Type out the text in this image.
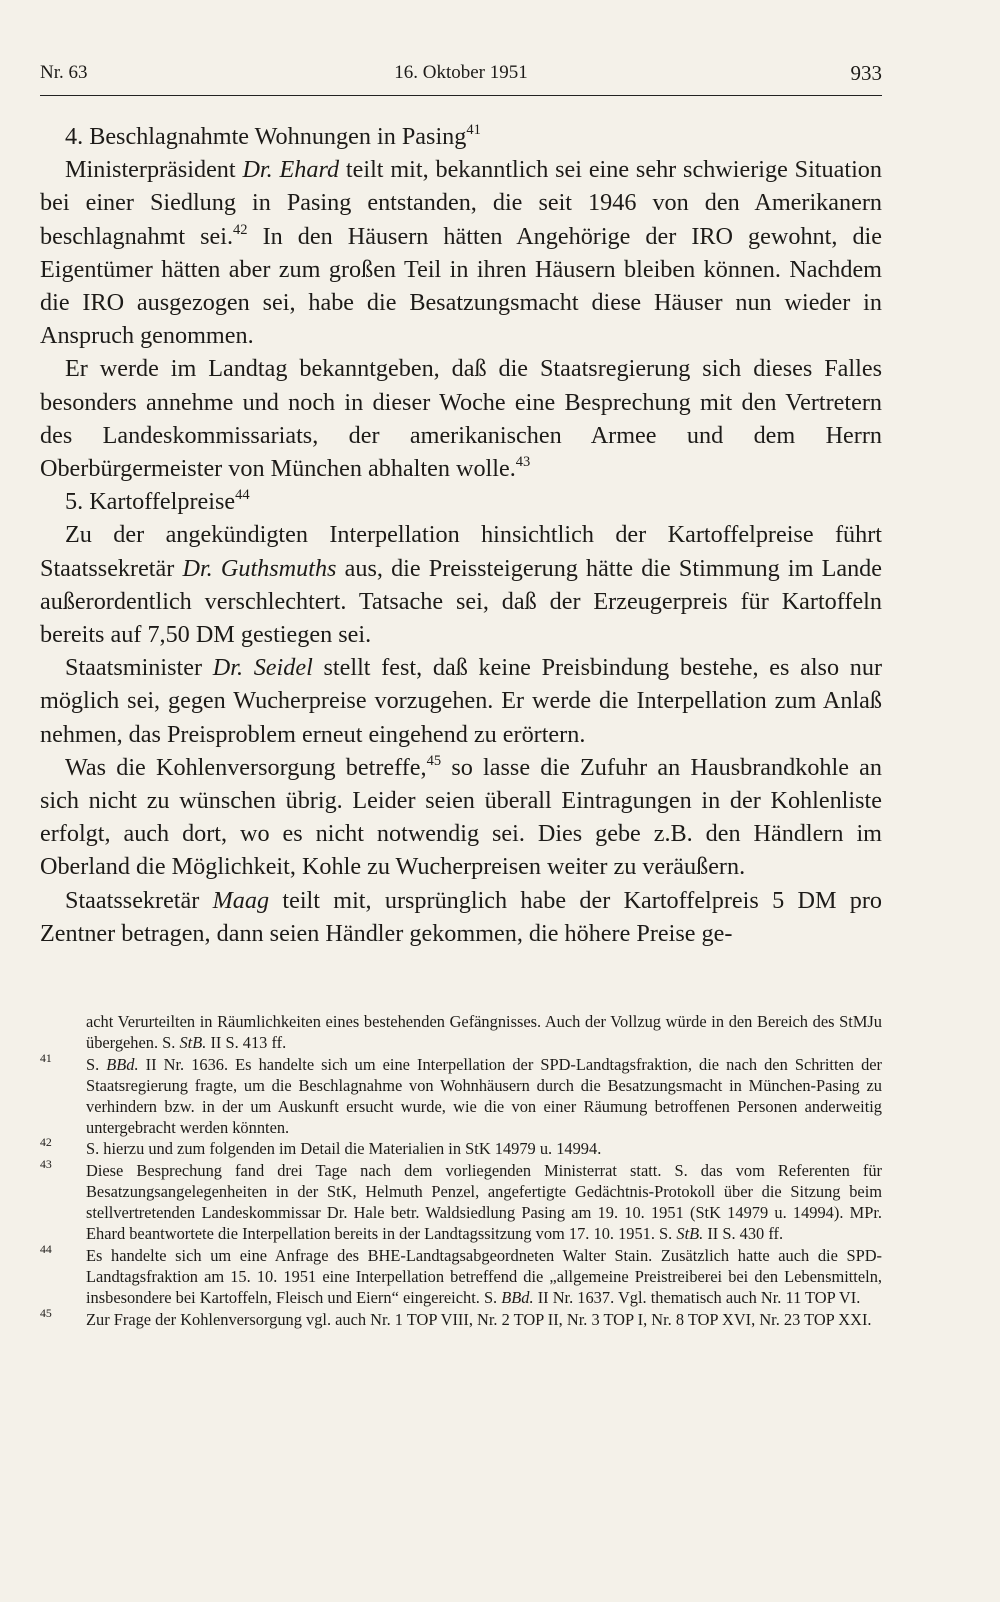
Nr. 63	16. Oktober 1951	933

4. Beschlagnahmte Wohnungen in Pasing$^{41}$

Ministerpräsident Dr. Ehard teilt mit, bekanntlich sei eine sehr schwierige Situation bei einer Siedlung in Pasing entstanden, die seit 1946 von den Amerikanern beschlagnahmt sei.$^{42}$ In den Häusern hätten Angehörige der IRO gewohnt, die Eigentümer hätten aber zum großen Teil in ihren Häusern bleiben können. Nachdem die IRO ausgezogen sei, habe die Besatzungsmacht diese Häuser nun wieder in Anspruch genommen.

Er werde im Landtag bekanntgeben, daß die Staatsregierung sich dieses Falles besonders annehme und noch in dieser Woche eine Besprechung mit den Vertretern des Landeskommissariats, der amerikanischen Armee und dem Herrn Oberbürgermeister von München abhalten wolle.$^{43}$

5. Kartoffelpreise$^{44}$

Zu der angekündigten Interpellation hinsichtlich der Kartoffelpreise führt Staatssekretär Dr. Guthsmuths aus, die Preissteigerung hätte die Stimmung im Lande außerordentlich verschlechtert. Tatsache sei, daß der Erzeugerpreis für Kartoffeln bereits auf 7,50 DM gestiegen sei.

Staatsminister Dr. Seidel stellt fest, daß keine Preisbindung bestehe, es also nur möglich sei, gegen Wucherpreise vorzugehen. Er werde die Interpellation zum Anlaß nehmen, das Preisproblem erneut eingehend zu erörtern.

Was die Kohlenversorgung betreffe,$^{45}$ so lasse die Zufuhr an Hausbrandkohle an sich nicht zu wünschen übrig. Leider seien überall Eintragungen in der Kohlenliste erfolgt, auch dort, wo es nicht notwendig sei. Dies gebe z.B. den Händlern im Oberland die Möglichkeit, Kohle zu Wucherpreisen weiter zu veräußern.

Staatssekretär Maag teilt mit, ursprünglich habe der Kartoffelpreis 5 DM pro Zentner betragen, dann seien Händler gekommen, die höhere Preise ge-

acht Verurteilten in Räumlichkeiten eines bestehenden Gefängnisses. Auch der Vollzug würde in den Bereich des StMJu übergehen. S. StB. II S. 413 ff.

$^{41}$ S. BBd. II Nr. 1636. Es handelte sich um eine Interpellation der SPD-Landtagsfraktion, die nach den Schritten der Staatsregierung fragte, um die Beschlagnahme von Wohnhäusern durch die Besatzungsmacht in München-Pasing zu verhindern bzw. in der um Auskunft ersucht wurde, wie die von einer Räumung betroffenen Personen anderweitig untergebracht werden könnten.

$^{42}$ S. hierzu und zum folgenden im Detail die Materialien in StK 14979 u. 14994.

$^{43}$ Diese Besprechung fand drei Tage nach dem vorliegenden Ministerrat statt. S. das vom Referenten für Besatzungsangelegenheiten in der StK, Helmuth Penzel, angefertigte Gedächtnis-Protokoll über die Sitzung beim stellvertretenden Landeskommissar Dr. Hale betr. Waldsiedlung Pasing am 19. 10. 1951 (StK 14979 u. 14994). MPr. Ehard beantwortete die Interpellation bereits in der Landtagssitzung vom 17. 10. 1951. S. StB. II S. 430 ff.

$^{44}$ Es handelte sich um eine Anfrage des BHE-Landtagsabgeordneten Walter Stain. Zusätzlich hatte auch die SPD-Landtagsfraktion am 15. 10. 1951 eine Interpellation betreffend die „allgemeine Preistreiberei bei den Lebensmitteln, insbesondere bei Kartoffeln, Fleisch und Eiern“ eingereicht. S. BBd. II Nr. 1637. Vgl. thematisch auch Nr. 11 TOP VI.

$^{45}$ Zur Frage der Kohlenversorgung vgl. auch Nr. 1 TOP VIII, Nr. 2 TOP II, Nr. 3 TOP I, Nr. 8 TOP XVI, Nr. 23 TOP XXI.
